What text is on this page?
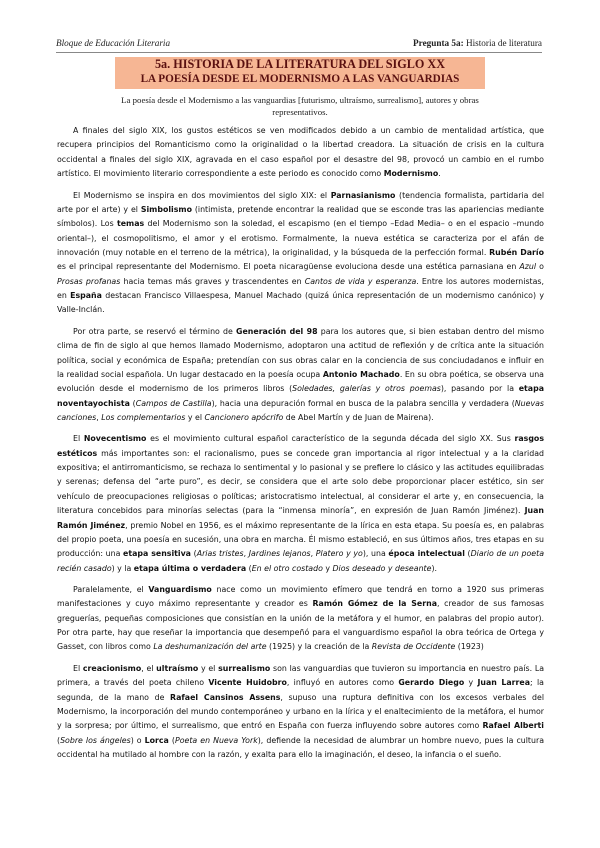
Bloque de Educación Literaria	Pregunta 5a: Historia de literatura
5a. HISTORIA DE LA LITERATURA DEL SIGLO XX
LA POESÍA DESDE EL MODERNISMO A LAS VANGUARDIAS
La poesía desde el Modernismo a las vanguardias [futurismo, ultraísmo, surrealismo], autores y obras representativos.

A finales del siglo XIX, los gustos estéticos se ven modificados debido a un cambio de mentalidad artística, que recupera principios del Romanticismo como la originalidad o la libertad creadora. La situación de crisis en la cultura occidental a finales del siglo XIX, agravada en el caso español por el desastre del 98, provocó un cambio en el rumbo artístico. El movimiento literario correspondiente a este periodo es conocido como Modernismo.

El Modernismo se inspira en dos movimientos del siglo XIX: el Parnasianismo (tendencia formalista, partidaria del arte por el arte) y el Simbolismo (intimista, pretende encontrar la realidad que se esconde tras las apariencias mediante símbolos). Los temas del Modernismo son la soledad, el escapismo (en el tiempo –Edad Media– o en el espacio –mundo oriental–), el cosmopolitismo, el amor y el erotismo. Formalmente, la nueva estética se caracteriza por el afán de innovación (muy notable en el terreno de la métrica), la originalidad, y la búsqueda de la perfección formal. Rubén Darío es el principal representante del Modernismo. El poeta nicaragüense evoluciona desde una estética parnasiana en Azul o Prosas profanas hacia temas más graves y trascendentes en Cantos de vida y esperanza. Entre los autores modernistas, en España destacan Francisco Villaespesa, Manuel Machado (quizá única representación de un modernismo canónico) y Valle-Inclán.

Por otra parte, se reservó el término de Generación del 98 para los autores que, si bien estaban dentro del mismo clima de fin de siglo al que hemos llamado Modernismo, adoptaron una actitud de reflexión y de crítica ante la situación política, social y económica de España; pretendían con sus obras calar en la conciencia de sus conciudadanos e influir en la realidad social española. Un lugar destacado en la poesía ocupa Antonio Machado. En su obra poética, se observa una evolución desde el modernismo de los primeros libros (Soledades, galerías y otros poemas), pasando por la etapa noventayochista (Campos de Castilla), hacia una depuración formal en busca de la palabra sencilla y verdadera (Nuevas canciones, Los complementarios y el Cancionero apócrifo de Abel Martín y de Juan de Mairena).

El Novecentismo es el movimiento cultural español característico de la segunda década del siglo XX. Sus rasgos estéticos más importantes son: el racionalismo, pues se concede gran importancia al rigor intelectual y a la claridad expositiva; el antirromanticismo, se rechaza lo sentimental y lo pasional y se prefiere lo clásico y las actitudes equilibradas y serenas; defensa del “arte puro”, es decir, se considera que el arte solo debe proporcionar placer estético, sin ser vehículo de preocupaciones religiosas o políticas; aristocratismo intelectual, al considerar el arte y, en consecuencia, la literatura concebidos para minorías selectas (para la “inmensa minoría”, en expresión de Juan Ramón Jiménez). Juan Ramón Jiménez, premio Nobel en 1956, es el máximo representante de la lírica en esta etapa. Su poesía es, en palabras del propio poeta, una poesía en sucesión, una obra en marcha. Él mismo estableció, en sus últimos años, tres etapas en su producción: una etapa sensitiva (Arias tristes, Jardines lejanos, Platero y yo), una época intelectual (Diario de un poeta recién casado) y la etapa última o verdadera (En el otro costado y Dios deseado y deseante).

Paralelamente, el Vanguardismo nace como un movimiento efímero que tendrá en torno a 1920 sus primeras manifestaciones y cuyo máximo representante y creador es Ramón Gómez de la Serna, creador de sus famosas greguerías, pequeñas composiciones que consistían en la unión de la metáfora y el humor, en palabras del propio autor). Por otra parte, hay que reseñar la importancia que desempeñó para el vanguardismo español la obra teórica de Ortega y Gasset, con libros como La deshumanización del arte (1925) y la creación de la Revista de Occidente (1923)

El creacionismo, el ultraísmo y el surrealismo son las vanguardias que tuvieron su importancia en nuestro país. La primera, a través del poeta chileno Vicente Huidobro, influyó en autores como Gerardo Diego y Juan Larrea; la segunda, de la mano de Rafael Cansinos Assens, supuso una ruptura definitiva con los excesos verbales del Modernismo, la incorporación del mundo contemporáneo y urbano en la lírica y el enaltecimiento de la metáfora, el humor y la sorpresa; por último, el surrealismo, que entró en España con fuerza influyendo sobre autores como Rafael Alberti (Sobre los ángeles) o Lorca (Poeta en Nueva York), defiende la necesidad de alumbrar un hombre nuevo, pues la cultura occidental ha mutilado al hombre con la razón, y exalta para ello la imaginación, el deseo, la infancia o el sueño.
